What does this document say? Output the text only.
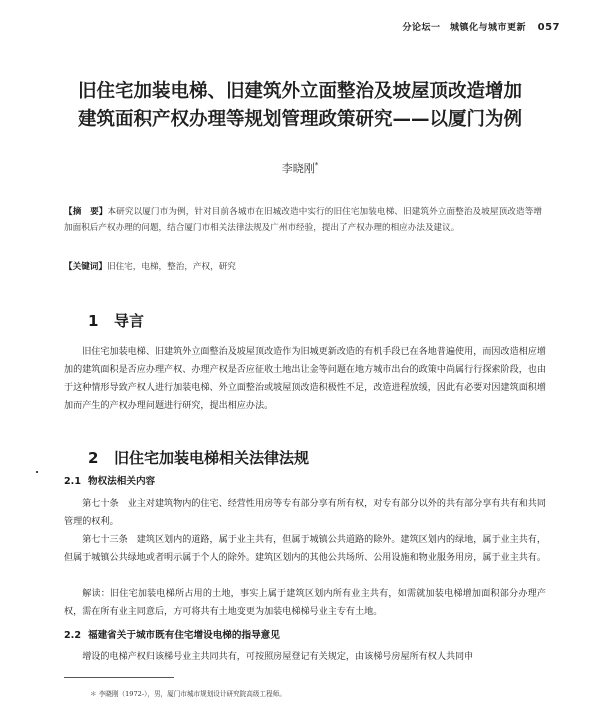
分论坛一　城镇化与城市更新 057
旧住宅加装电梯、旧建筑外立面整治及坡屋顶改造增加
建筑面积产权办理等规划管理政策研究——以厦门为例
李晓刚*
【摘　要】本研究以厦门市为例，针对目前各城市在旧城改造中实行的旧住宅加装电梯、旧建筑外立面整治及坡屋顶改造等增加面积后产权办理的问题，结合厦门市相关法律法规及广州市经验，提出了产权办理的相应办法及建议。
【关键词】旧住宅，电梯，整治，产权，研究
1 导言
旧住宅加装电梯、旧建筑外立面整治及坡屋顶改造作为旧城更新改造的有机手段已在各地普遍使用，而因改造相应增加的建筑面积是否应办理产权、办理产权是否应征收土地出让金等问题在地方城市出台的政策中尚属行行探索阶段，也由于这种情形导致产权人进行加装电梯、外立面整治或坡屋顶改造积极性不足，改造进程放缓，因此有必要对因建筑面积增加而产生的产权办理问题进行研究，提出相应办法。
2 旧住宅加装电梯相关法律法规
2.1 物权法相关内容
第七十条　业主对建筑物内的住宅、经营性用房等专有部分享有所有权，对专有部分以外的共有部分享有共有和共同管理的权利。
第七十三条　建筑区划内的道路，属于业主共有，但属于城镇公共道路的除外。建筑区划内的绿地，属于业主共有，但属于城镇公共绿地或者明示属于个人的除外。建筑区划内的其他公共场所、公用设施和物业服务用房，属于业主共有。
解读：旧住宅加装电梯所占用的土地，事实上属于建筑区划内所有业主共有，如需就加装电梯增加面积部分办理产权，需在所有业主同意后，方可将共有土地变更为加装电梯梯号业主专有土地。
2.2 福建省关于城市既有住宅增设电梯的指导意见
增设的电梯产权归该梯号业主共同共有，可按照房屋登记有关规定，由该梯号房屋所有权人共同申
＊ 李晓刚（1972-），男，厦门市城市规划设计研究院高级工程师。
